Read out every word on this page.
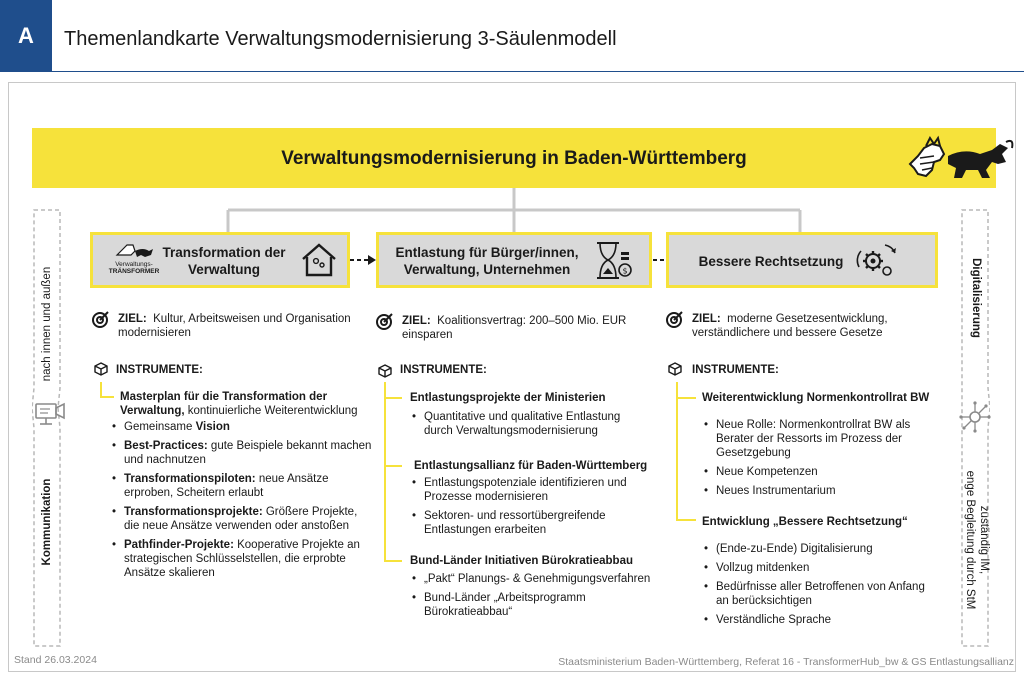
A	Themenlandkarte Verwaltungsmodernisierung 3-Säulenmodell
Verwaltungsmodernisierung in Baden-Württemberg
nach innen und außen
Kommunikation
Digitalisierung
zuständig IM,
enge Begleitung durch StM
Verwaltungs-
TRÄNSFORMER
Transformation der
Verwaltung
Entlastung für Bürger/innen,
Verwaltung, Unternehmen	$
Bessere Rechtsetzung
ZIEL: Kultur, Arbeitsweisen und Organisation
modernisieren
ZIEL: Koalitionsvertrag: 200–500 Mio. EUR
einsparen
ZIEL: moderne Gesetzesentwicklung,
verständlichere und bessere Gesetze
INSTRUMENTE:	INSTRUMENTE:	INSTRUMENTE:
Masterplan für die Transformation der Verwaltung, kontinuierliche Weiterentwicklung
• Gemeinsame Vision
• Best-Practices: gute Beispiele bekannt machen und nachnutzen
• Transformationspiloten: neue Ansätze erproben, Scheitern erlaubt
• Transformationsprojekte: Größere Projekte, die neue Ansätze verwenden oder anstoßen
• Pathfinder-Projekte: Kooperative Projekte an strategischen Schlüsselstellen, die erprobte Ansätze skalieren
Entlastungsprojekte der Ministerien
• Quantitative und qualitative Entlastung durch Verwaltungsmodernisierung
Entlastungsallianz für Baden-Württemberg
• Entlastungspotenziale identifizieren und Prozesse modernisieren
• Sektoren- und ressortübergreifende Entlastungen erarbeiten
Bund-Länder Initiativen Bürokratieabbau
• „Pakt“ Planungs- & Genehmigungsverfahren
• Bund-Länder „Arbeitsprogramm Bürokratieabbau“
Weiterentwicklung Normenkontrollrat BW
• Neue Rolle: Normenkontrollrat BW als Berater der Ressorts im Prozess der Gesetzgebung
• Neue Kompetenzen
• Neues Instrumentarium
Entwicklung „Bessere Rechtsetzung“
• (Ende-zu-Ende) Digitalisierung
• Vollzug mitdenken
• Bedürfnisse aller Betroffenen von Anfang an berücksichtigen
• Verständliche Sprache
Stand 26.03.2024	Staatsministerium Baden-Württemberg, Referat 16 - TransformerHub_bw & GS Entlastungsallianz
